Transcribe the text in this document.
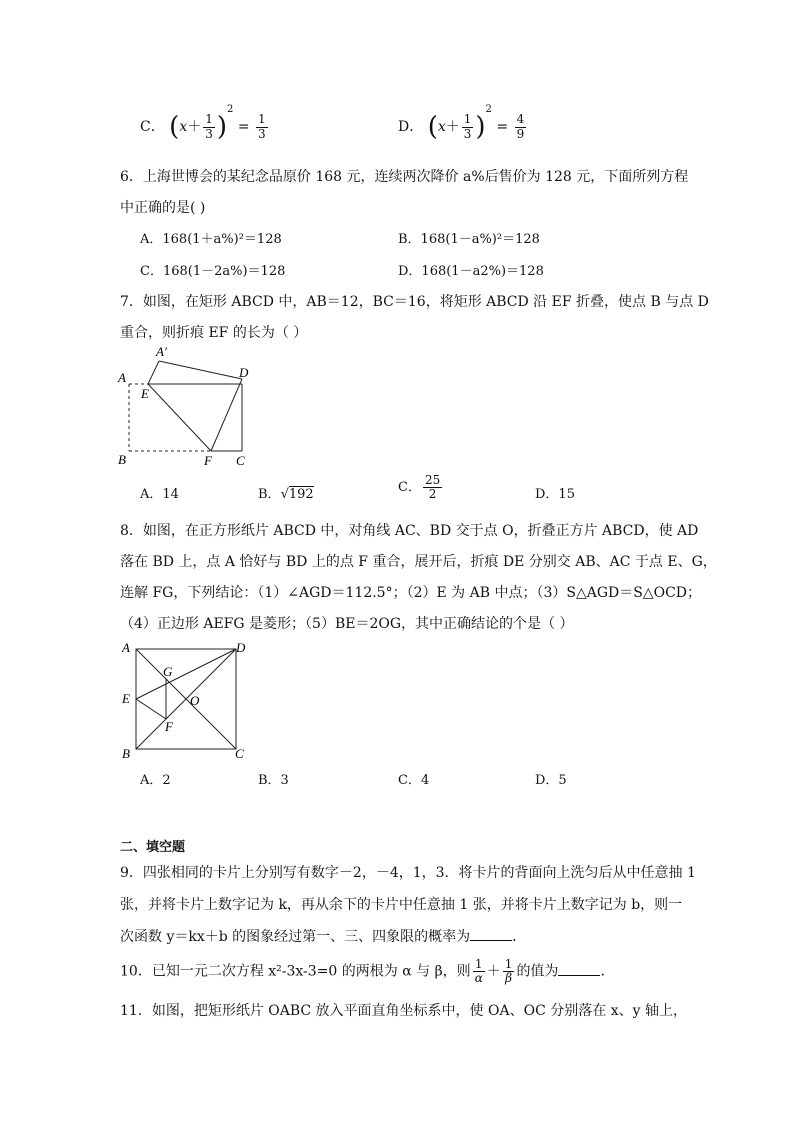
C． $(x+ \frac{1}{3} )^2 = \frac{1}{3}$	D． $(x+ \frac{1}{3} )^2 = \frac{4}{9}$
6．上海世博会的某纪念品原价 168 元，连续两次降价 a%后售价为 128 元，下面所列方程
中正确的是( )
A．168(1＋a%)²＝128	B．168(1－a%)²＝128
C．168(1－2a%)＝128	D．168(1－a2%)＝128
7．如图，在矩形 ABCD 中，AB＝12，BC＝16，将矩形 ABCD 沿 EF 折叠，使点 B 与点 D
重合，则折痕 EF 的长为（ ）
A′
A
E
D
B	F C
A．14	B．√192	C． $\frac{25}{2}$	D．15
8．如图，在正方形纸片 ABCD 中，对角线 AC、BD 交于点 O，折叠正方片 ABCD，使 AD
落在 BD 上，点 A 恰好与 BD 上的点 F 重合，展开后，折痕 DE 分别交 AB、AC 于点 E、G，
连解 FG，下列结论：（1）∠AGD＝112.5°；（2）E 为 AB 中点；（3）S△AGD＝S△OCD；
（4）正边形 AEFG 是菱形；（5）BE＝2OG，其中正确结论的个是（ ）
A	D
G
E	O
F
B	C
A．2	B．3	C．4	D．5
二、填空题
9．四张相同的卡片上分别写有数字－2，－4，1，3．将卡片的背面向上洗匀后从中任意抽 1
张，并将卡片上数字记为 k，再从余下的卡片中任意抽 1 张，并将卡片上数字记为 b，则一
次函数 y＝kx＋b 的图象经过第一、三、四象限的概率为	．
10．已知一元二次方程 x²-3x-3=0 的两根为 α 与 β，则 $\frac{1}{\alpha} + \frac{1}{\beta}$ 的值为	．
11．如图，把矩形纸片 OABC 放入平面直角坐标系中，使 OA、OC 分别落在 x、y 轴上，
